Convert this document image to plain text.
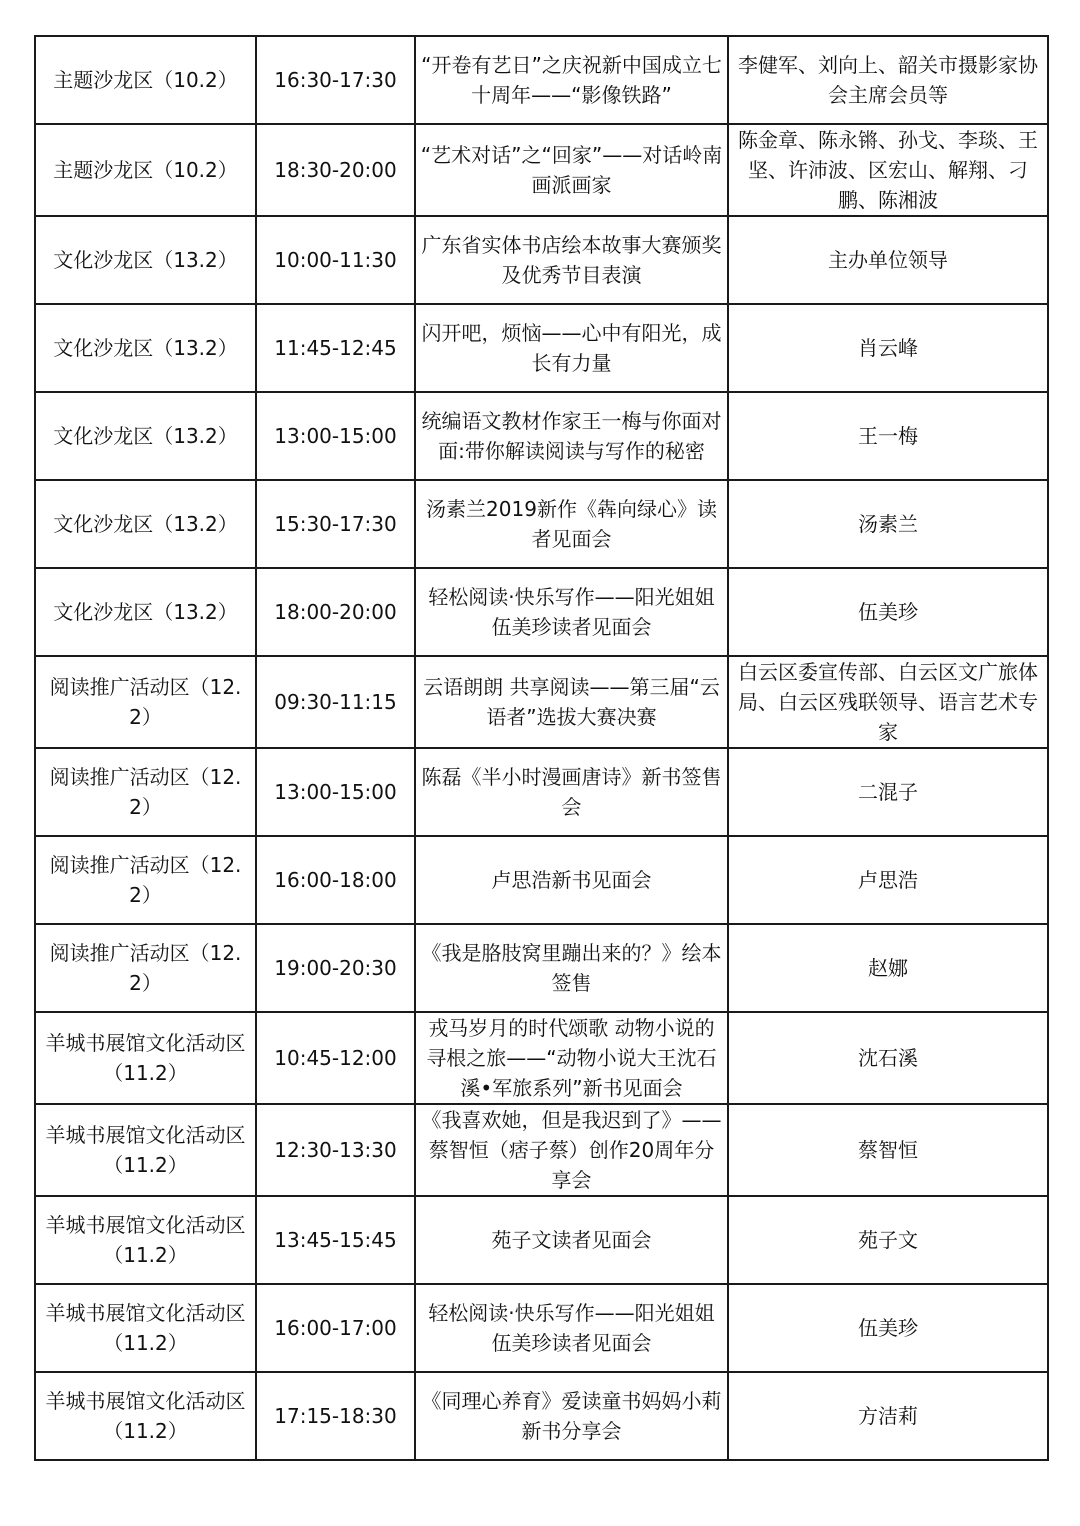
主题沙龙区（10.2）	16:30-17:30	“开卷有艺日”之庆祝新中国成立七十周年——“影像铁路”	李健军、刘向上、韶关市摄影家协会主席会员等
主题沙龙区（10.2）	18:30-20:00	“艺术对话”之“回家”——对话岭南画派画家	陈金章、陈永锵、孙戈、李琰、王坚、许沛波、区宏山、解翔、刁鹏、陈湘波
文化沙龙区（13.2）	10:00-11:30	广东省实体书店绘本故事大赛颁奖及优秀节目表演	主办单位领导
文化沙龙区（13.2）	11:45-12:45	闪开吧，烦恼——心中有阳光，成长有力量	肖云峰
文化沙龙区（13.2）	13:00-15:00	统编语文教材作家王一梅与你面对面:带你解读阅读与写作的秘密	王一梅
文化沙龙区（13.2）	15:30-17:30	汤素兰2019新作《犇向绿心》读者见面会	汤素兰
文化沙龙区（13.2）	18:00-20:00	轻松阅读·快乐写作——阳光姐姐伍美珍读者见面会	伍美珍
阅读推广活动区（12.2）	09:30-11:15	云语朗朗 共享阅读——第三届“云语者”选拔大赛决赛	白云区委宣传部、白云区文广旅体局、白云区残联领导、语言艺术专家
阅读推广活动区（12.2）	13:00-15:00	陈磊《半小时漫画唐诗》新书签售会	二混子
阅读推广活动区（12.2）	16:00-18:00	卢思浩新书见面会	卢思浩
阅读推广活动区（12.2）	19:00-20:30	《我是胳肢窝里蹦出来的？》绘本签售	赵娜
羊城书展馆文化活动区（11.2）	10:45-12:00	戎马岁月的时代颂歌 动物小说的寻根之旅——“动物小说大王沈石溪•军旅系列”新书见面会	沈石溪
羊城书展馆文化活动区（11.2）	12:30-13:30	《我喜欢她，但是我迟到了》——蔡智恒（痞子蔡）创作20周年分享会	蔡智恒
羊城书展馆文化活动区（11.2）	13:45-15:45	苑子文读者见面会	苑子文
羊城书展馆文化活动区（11.2）	16:00-17:00	轻松阅读·快乐写作——阳光姐姐伍美珍读者见面会	伍美珍
羊城书展馆文化活动区（11.2）	17:15-18:30	《同理心养育》爱读童书妈妈小莉新书分享会	方洁莉
